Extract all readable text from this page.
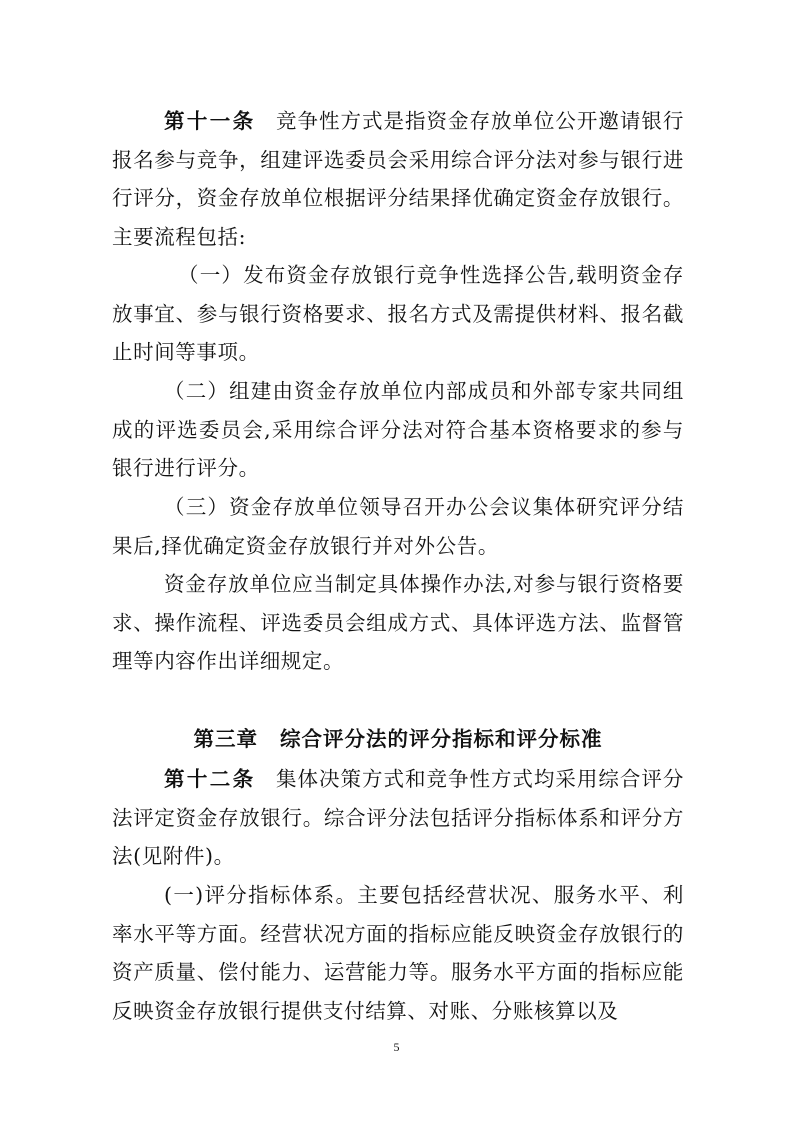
第十一条 竞争性方式是指资金存放单位公开邀请银行报名参与竞争，组建评选委员会采用综合评分法对参与银行进行评分，资金存放单位根据评分结果择优确定资金存放银行。主要流程包括:

（一）发布资金存放银行竞争性选择公告,载明资金存放事宜、参与银行资格要求、报名方式及需提供材料、报名截止时间等事项。

（二）组建由资金存放单位内部成员和外部专家共同组成的评选委员会,采用综合评分法对符合基本资格要求的参与银行进行评分。

（三）资金存放单位领导召开办公会议集体研究评分结果后,择优确定资金存放银行并对外公告。

资金存放单位应当制定具体操作办法,对参与银行资格要求、操作流程、评选委员会组成方式、具体评选方法、监督管理等内容作出详细规定。

第三章 综合评分法的评分指标和评分标准

第十二条 集体决策方式和竞争性方式均采用综合评分法评定资金存放银行。综合评分法包括评分指标体系和评分方法(见附件)。

(一)评分指标体系。主要包括经营状况、服务水平、利率水平等方面。经营状况方面的指标应能反映资金存放银行的资产质量、偿付能力、运营能力等。服务水平方面的指标应能反映资金存放银行提供支付结算、对账、分账核算以及

5
